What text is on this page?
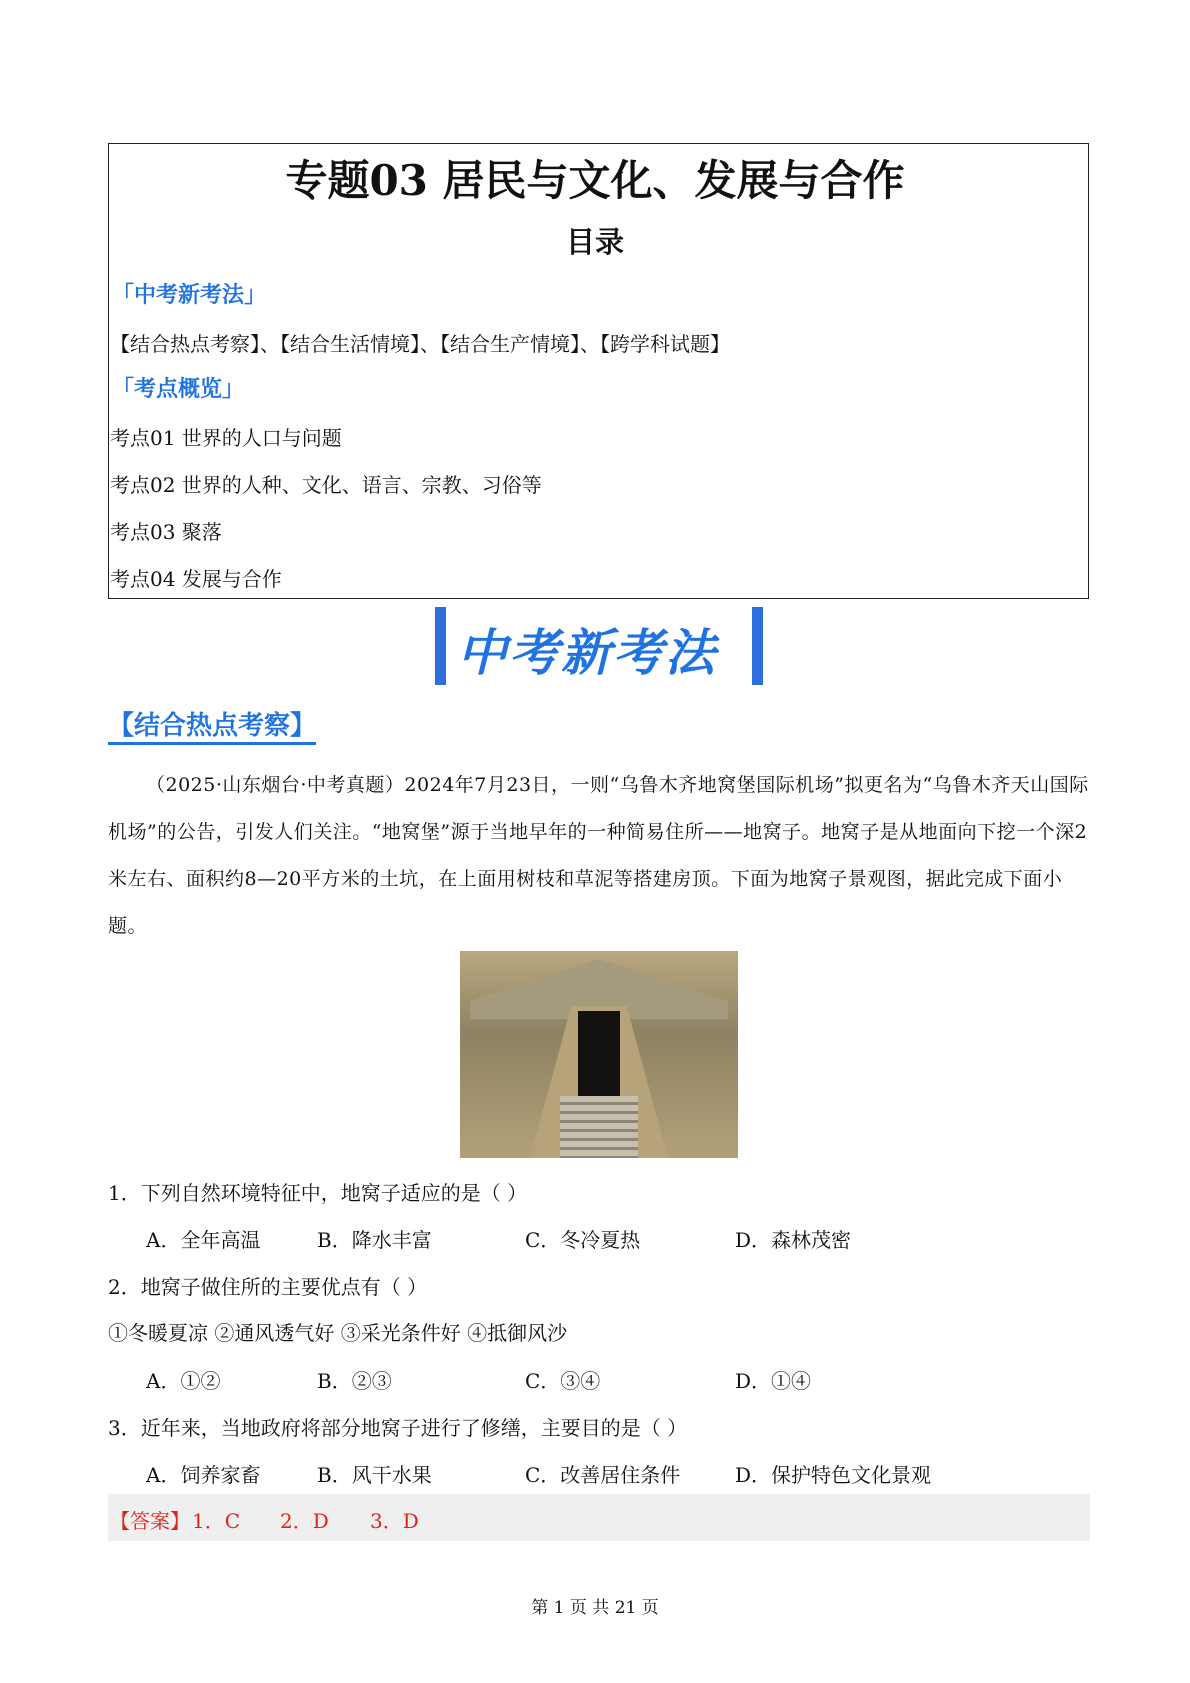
专题03 居民与文化、发展与合作
目录
「中考新考法」
【结合热点考察】、【结合生活情境】、【结合生产情境】、【跨学科试题】
「考点概览」
考点01 世界的人口与问题
考点02 世界的人种、文化、语言、宗教、习俗等
考点03 聚落
考点04 发展与合作
中考新考法
【结合热点考察】
（2025·山东烟台·中考真题）2024年7月23日，一则“乌鲁木齐地窝堡国际机场”拟更名为“乌鲁木齐天山国际机场”的公告，引发人们关注。“地窝堡”源于当地早年的一种简易住所——地窝子。地窝子是从地面向下挖一个深2米左右、面积约8—20平方米的土坑，在上面用树枝和草泥等搭建房顶。下面为地窝子景观图，据此完成下面小题。
1．下列自然环境特征中，地窝子适应的是（ ）
A．全年高温	B．降水丰富	C．冬冷夏热	D．森林茂密
2．地窝子做住所的主要优点有（ ）
①冬暖夏凉 ②通风透气好 ③采光条件好 ④抵御风沙
A．①②	B．②③	C．③④	D．①④
3．近年来，当地政府将部分地窝子进行了修缮，主要目的是（ ）
A．饲养家畜	B．风干水果	C．改善居住条件	D．保护特色文化景观
【答案】 1．C 2．D 3．D
第 1 页 共 21 页
